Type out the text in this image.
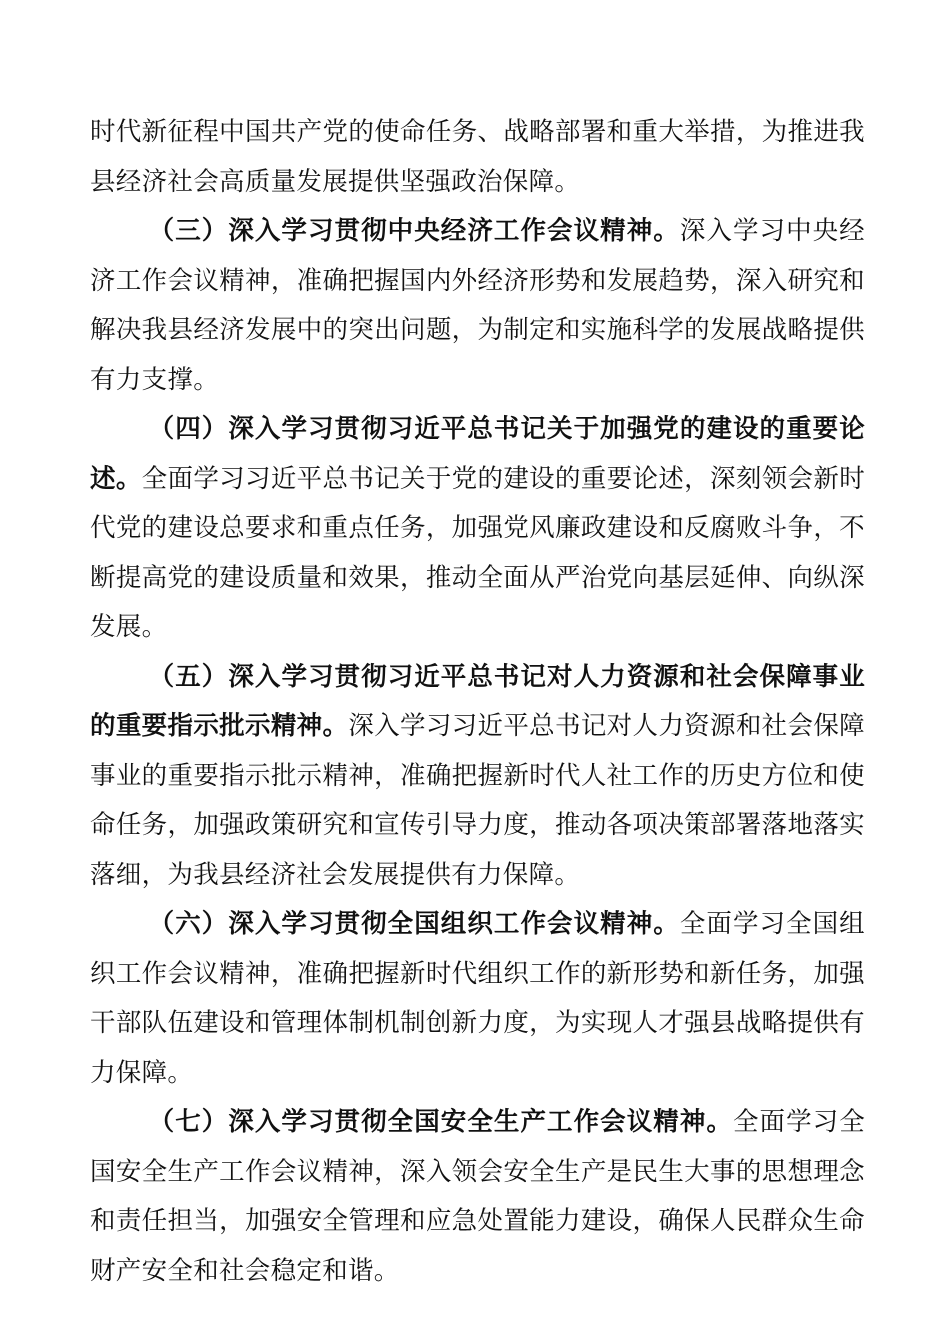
时代新征程中国共产党的使命任务、战略部署和重大举措，为推进我县经济社会高质量发展提供坚强政治保障。

（三）深入学习贯彻中央经济工作会议精神。深入学习中央经济工作会议精神，准确把握国内外经济形势和发展趋势，深入研究和解决我县经济发展中的突出问题，为制定和实施科学的发展战略提供有力支撑。

（四）深入学习贯彻习近平总书记关于加强党的建设的重要论述。全面学习习近平总书记关于党的建设的重要论述，深刻领会新时代党的建设总要求和重点任务，加强党风廉政建设和反腐败斗争，不断提高党的建设质量和效果，推动全面从严治党向基层延伸、向纵深发展。

（五）深入学习贯彻习近平总书记对人力资源和社会保障事业的重要指示批示精神。深入学习习近平总书记对人力资源和社会保障事业的重要指示批示精神，准确把握新时代人社工作的历史方位和使命任务，加强政策研究和宣传引导力度，推动各项决策部署落地落实落细，为我县经济社会发展提供有力保障。

（六）深入学习贯彻全国组织工作会议精神。全面学习全国组织工作会议精神，准确把握新时代组织工作的新形势和新任务，加强干部队伍建设和管理体制机制创新力度，为实现人才强县战略提供有力保障。

（七）深入学习贯彻全国安全生产工作会议精神。全面学习全国安全生产工作会议精神，深入领会安全生产是民生大事的思想理念和责任担当，加强安全管理和应急处置能力建设，确保人民群众生命财产安全和社会稳定和谐。
